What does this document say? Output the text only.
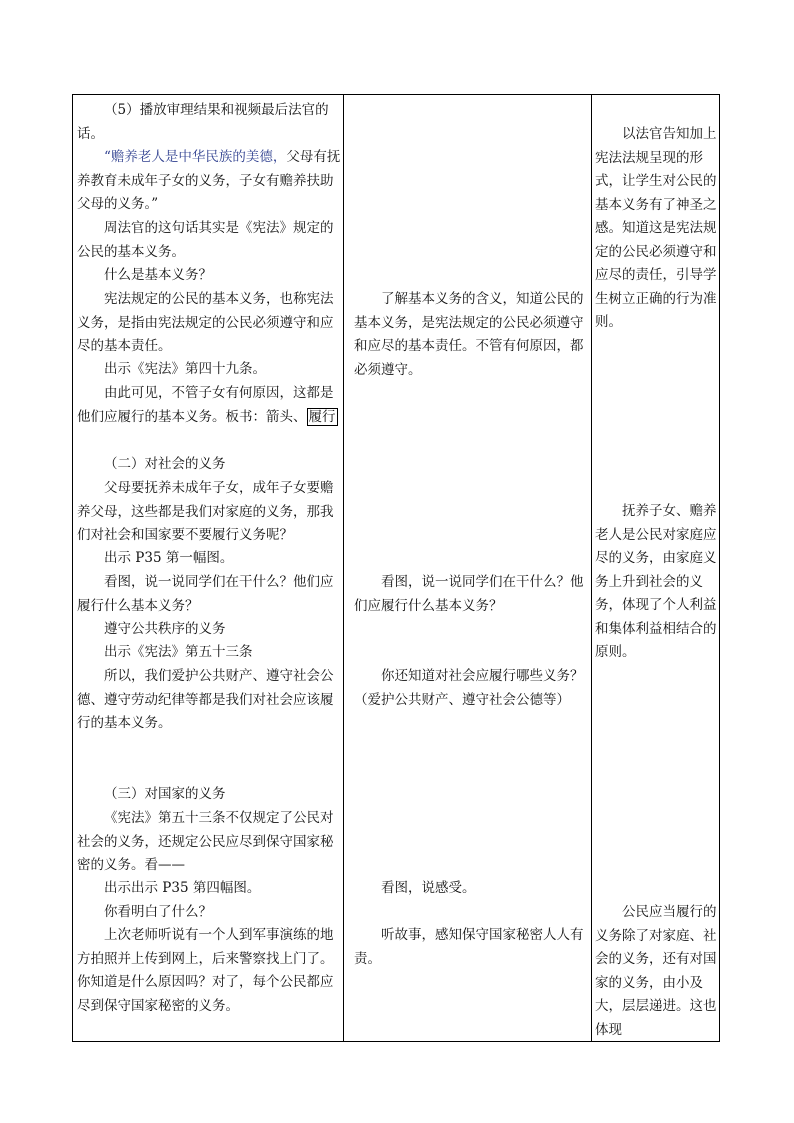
（5）播放审理结果和视频最后法官的话。

“赡养老人是中华民族的美德，父母有抚养教育未成年子女的义务，子女有赡养扶助父母的义务。”

周法官的这句话其实是《宪法》规定的公民的基本义务。

什么是基本义务？

宪法规定的公民的基本义务，也称宪法义务，是指由宪法规定的公民必须遵守和应尽的基本责任。

出示《宪法》第四十九条。

由此可见，不管子女有何原因，这都是他们应履行的基本义务。板书：箭头、 履行

（二）对社会的义务

父母要抚养未成年子女，成年子女要赡养父母，这些都是我们对家庭的义务，那我们对社会和国家要不要履行义务呢？

出示 P35 第一幅图。

看图，说一说同学们在干什么？他们应履行什么基本义务？

遵守公共秩序的义务

出示《宪法》第五十三条

所以，我们爱护公共财产、遵守社会公德、遵守劳动纪律等都是我们对社会应该履行的基本义务。

（三）对国家的义务

《宪法》第五十三条不仅规定了公民对社会的义务，还规定公民应尽到保守国家秘密的义务。看——

出示出示 P35 第四幅图。

你看明白了什么？

上次老师听说有一个人到军事演练的地方拍照并上传到网上，后来警察找上门了。你知道是什么原因吗？对了，每个公民都应尽到保守国家秘密的义务。

了解基本义务的含义，知道公民的基本义务，是宪法规定的公民必须遵守和应尽的基本责任。不管有何原因，都必须遵守。

看图，说一说同学们在干什么？他们应履行什么基本义务？

你还知道对社会应履行哪些义务？（爱护公共财产、遵守社会公德等）

看图，说感受。

听故事，感知保守国家秘密人人有责。

以法官告知加上宪法法规呈现的形式，让学生对公民的基本义务有了神圣之感。知道这是宪法规定的公民必须遵守和应尽的责任，引导学生树立正确的行为准则。

抚养子女、赡养老人是公民对家庭应尽的义务，由家庭义务上升到社会的义务，体现了个人利益和集体利益相结合的原则。

公民应当履行的义务除了对家庭、社会的义务，还有对国家的义务，由小及大，层层递进。这也体现
